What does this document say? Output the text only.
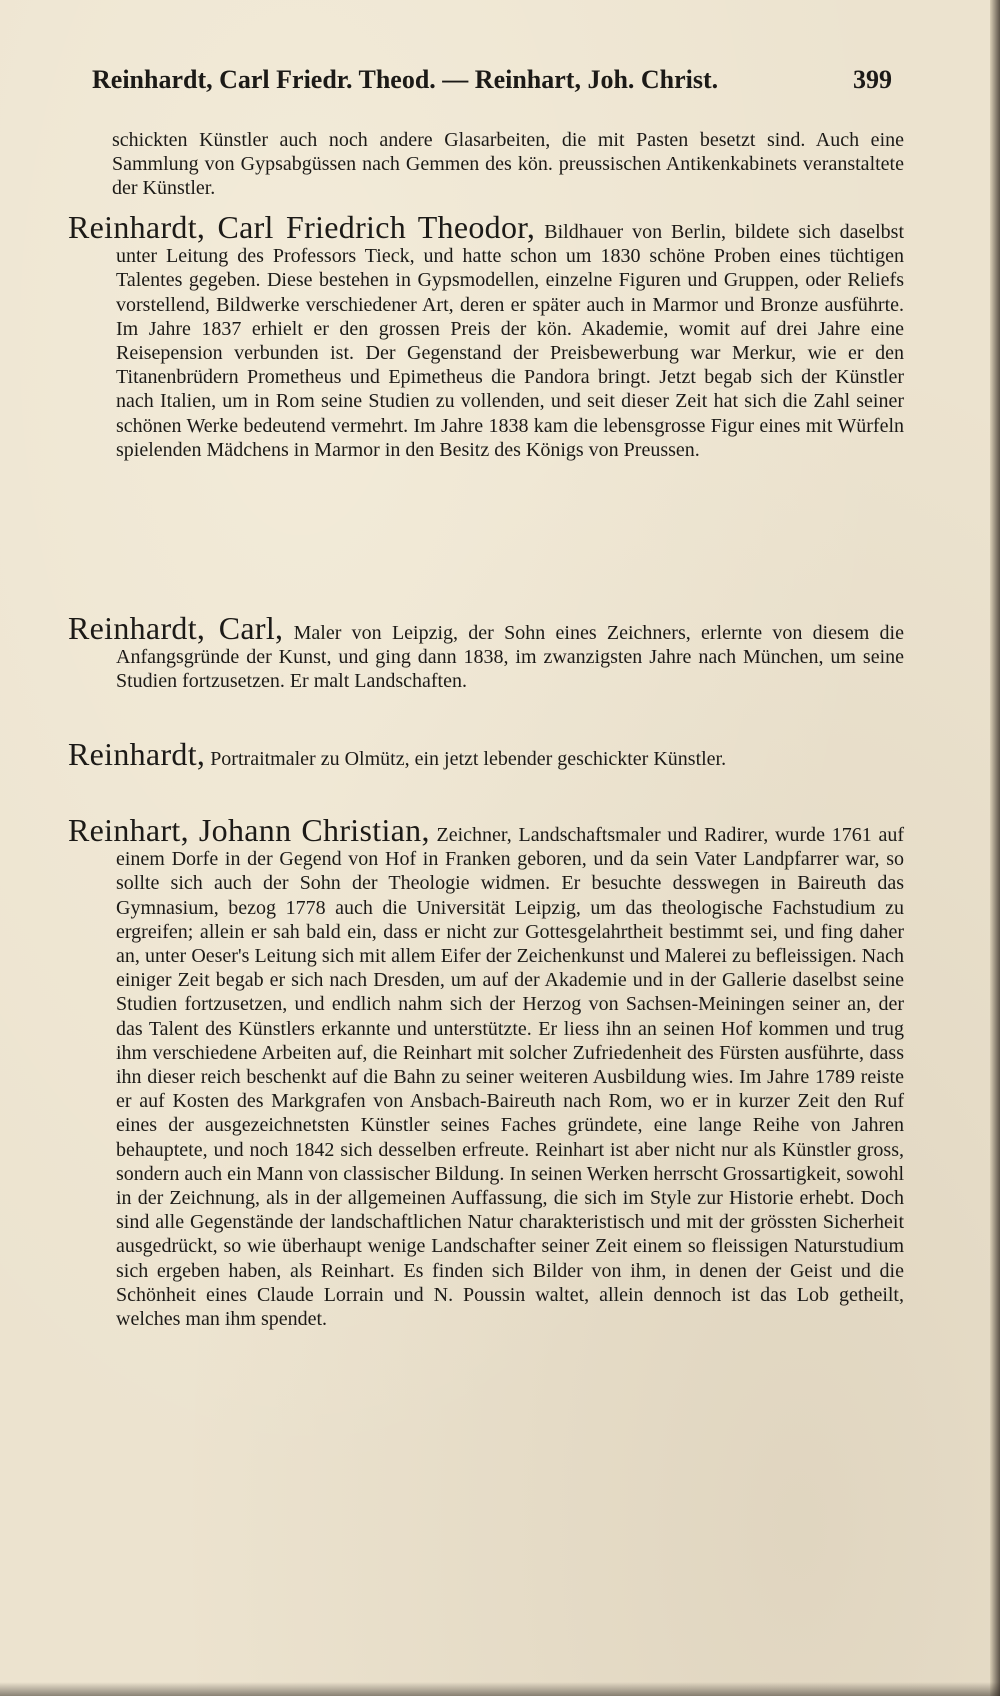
Reinhardt, Carl Friedr. Theod. — Reinhart, Joh. Christ.	399
schickten Künstler auch noch andere Glasarbeiten, die mit Pasten besetzt sind. Auch eine Sammlung von Gypsabgüssen nach Gemmen des kön. preussischen Antikenkabinets veranstaltete der Künstler.
Reinhardt, Carl Friedrich Theodor, Bildhauer von Berlin, bildete sich daselbst unter Leitung des Professors Tieck, und hatte schon um 1830 schöne Proben eines tüchtigen Talentes gegeben. Diese bestehen in Gypsmodellen, einzelne Figuren und Gruppen, oder Reliefs vorstellend, Bildwerke verschiedener Art, deren er später auch in Marmor und Bronze ausführte. Im Jahre 1837 erhielt er den grossen Preis der kön. Akademie, womit auf drei Jahre eine Reisepension verbunden ist. Der Gegenstand der Preisbewerbung war Merkur, wie er den Titanenbrüdern Prometheus und Epimetheus die Pandora bringt. Jetzt begab sich der Künstler nach Italien, um in Rom seine Studien zu vollenden, und seit dieser Zeit hat sich die Zahl seiner schönen Werke bedeutend vermehrt. Im Jahre 1838 kam die lebensgrosse Figur eines mit Würfeln spielenden Mädchens in Marmor in den Besitz des Königs von Preussen.
Reinhardt, Carl, Maler von Leipzig, der Sohn eines Zeichners, erlernte von diesem die Anfangsgründe der Kunst, und ging dann 1838, im zwanzigsten Jahre nach München, um seine Studien fortzusetzen. Er malt Landschaften.
Reinhardt, Portraitmaler zu Olmütz, ein jetzt lebender geschickter Künstler.
Reinhart, Johann Christian, Zeichner, Landschaftsmaler und Radirer, wurde 1761 auf einem Dorfe in der Gegend von Hof in Franken geboren, und da sein Vater Landpfarrer war, so sollte sich auch der Sohn der Theologie widmen. Er besuchte desswegen in Baireuth das Gymnasium, bezog 1778 auch die Universität Leipzig, um das theologische Fachstudium zu ergreifen; allein er sah bald ein, dass er nicht zur Gottesgelahrtheit bestimmt sei, und fing daher an, unter Oeser's Leitung sich mit allem Eifer der Zeichenkunst und Malerei zu befleissigen. Nach einiger Zeit begab er sich nach Dresden, um auf der Akademie und in der Gallerie daselbst seine Studien fortzusetzen, und endlich nahm sich der Herzog von Sachsen-Meiningen seiner an, der das Talent des Künstlers erkannte und unterstützte. Er liess ihn an seinen Hof kommen und trug ihm verschiedene Arbeiten auf, die Reinhart mit solcher Zufriedenheit des Fürsten ausführte, dass ihn dieser reich beschenkt auf die Bahn zu seiner weiteren Ausbildung wies. Im Jahre 1789 reiste er auf Kosten des Markgrafen von Ansbach-Baireuth nach Rom, wo er in kurzer Zeit den Ruf eines der ausgezeichnetsten Künstler seines Faches gründete, eine lange Reihe von Jahren behauptete, und noch 1842 sich desselben erfreute. Reinhart ist aber nicht nur als Künstler gross, sondern auch ein Mann von classischer Bildung. In seinen Werken herrscht Grossartigkeit, sowohl in der Zeichnung, als in der allgemeinen Auffassung, die sich im Style zur Historie erhebt. Doch sind alle Gegenstände der landschaftlichen Natur charakteristisch und mit der grössten Sicherheit ausgedrückt, so wie überhaupt wenige Landschafter seiner Zeit einem so fleissigen Naturstudium sich ergeben haben, als Reinhart. Es finden sich Bilder von ihm, in denen der Geist und die Schönheit eines Claude Lorrain und N. Poussin waltet, allein dennoch ist das Lob getheilt, welches man ihm spendet.
